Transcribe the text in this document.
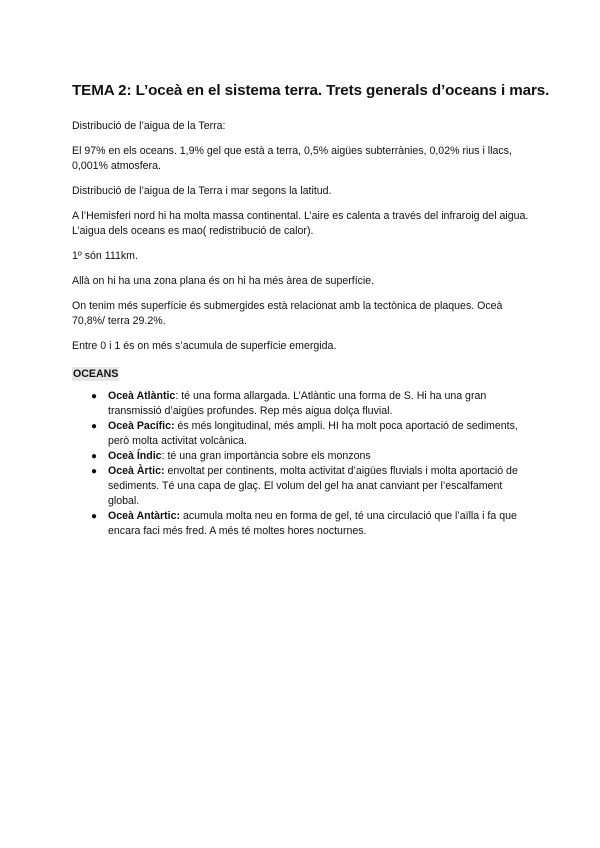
TEMA 2: L’oceà en el sistema terra. Trets generals d’oceans i mars.

Distribució de l’aigua de la Terra:

El 97% en els oceans. 1,9% gel que està a terra, 0,5% aigües subterrànies, 0,02% rius i llacs, 0,001% atmosfera.

Distribució de l’aigua de la Terra i mar segons la latitud.

A l’Hemisferi nord hi ha molta massa continental. L’aire es calenta a través del infraroig del aigua. L’aigua dels oceans es mao( redistribució de calor).

1º són 111km.

Allà on hi ha una zona plana és on hi ha més àrea de superfície.

On tenim més superfície és submergides està relacionat amb la tectònica de plaques. Oceà 70,8%/ terra 29.2%.

Entre 0 i 1 és on més s’acumula de superfície emergida.

OCEANS
● Oceà Atlàntic: té una forma allargada. L’Atlàntic una forma de S. Hi ha una gran transmissió d’aigües profundes. Rep més aigua dolça fluvial.
● Oceà Pacífic: és més longitudinal, més ampli. HI ha molt poca aportació de sediments, però molta activitat volcànica.
● Oceà Índic: té una gran importància sobre els monzons
● Oceà Àrtic: envoltat per continents, molta activitat d’aigües fluvials i molta aportació de sediments. Té una capa de glaç. El volum del gel ha anat canviant per l’escalfament global.
● Oceà Antàrtic: acumula molta neu en forma de gel, té una circulació que l’aïlla i fa que encara faci més fred. A més té moltes hores nocturnes.
